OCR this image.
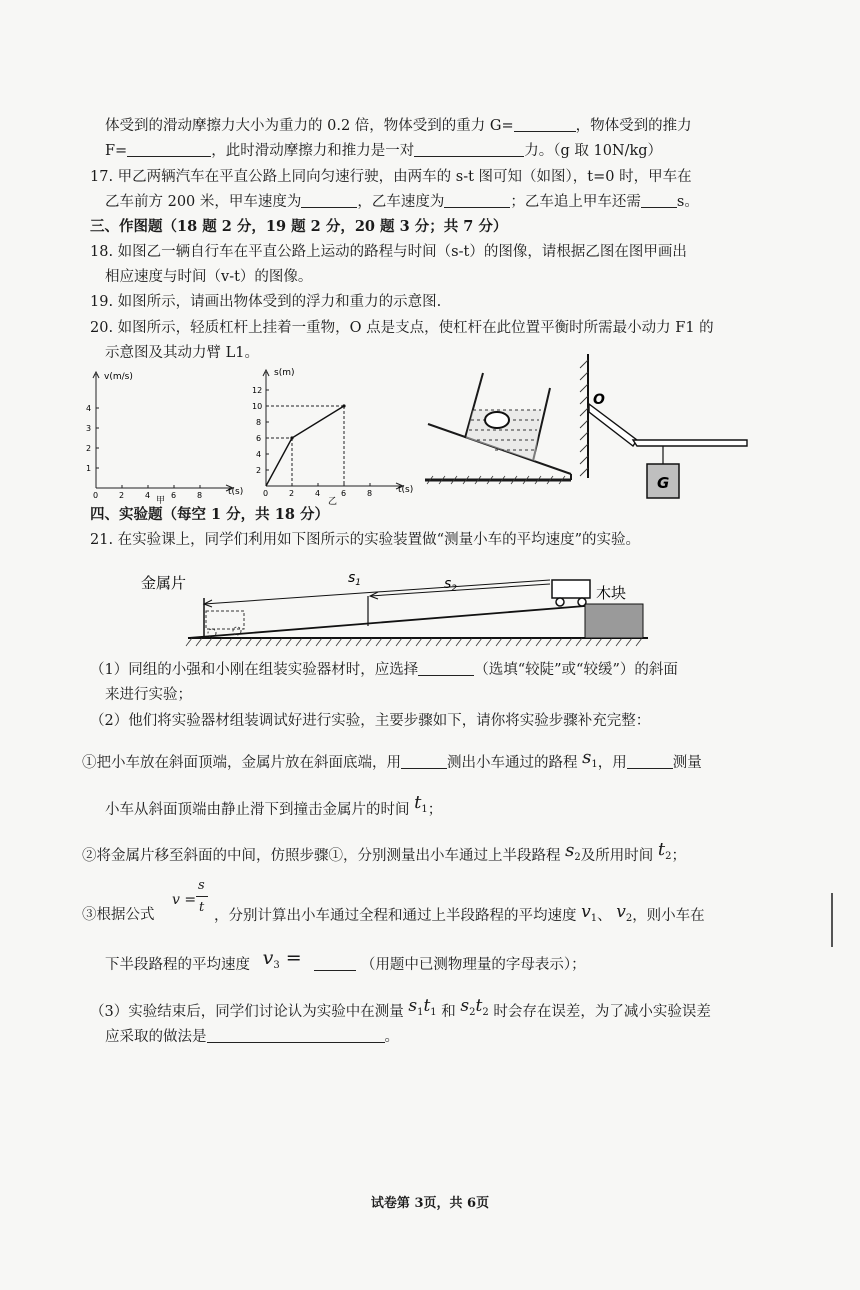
体受到的滑动摩擦力大小为重力的 0.2 倍，物体受到的重力 G=	，物体受到的推力
F=	，此时滑动摩擦力和推力是一对	力。（g 取 10N/kg）
17. 甲乙两辆汽车在平直公路上同向匀速行驶，由两车的 s-t 图可知（如图），t=0 时，甲车在
乙车前方 200 米，甲车速度为	，乙车速度为	；乙车追上甲车还需 s。
三、作图题（18 题 2 分，19 题 2 分，20 题 3 分；共 7 分）
18. 如图乙一辆自行车在平直公路上运动的路程与时间（s-t）的图像，请根据乙图在图甲画出
相应速度与时间（v-t）的图像。
19. 如图所示，请画出物体受到的浮力和重力的示意图.
20. 如图所示，轻质杠杆上挂着一重物，O 点是支点，使杠杆在此位置平衡时所需最小动力 F1 的
示意图及其动力臂 L1。
0	2	4	6	8
1
2
3
4
v(m/s)
t(s)
甲
0	2	4	6	8
2
4
6
8
10
12
s(m)
t(s)
乙
G
O
四、实验题（每空 1 分，共 18 分）
21. 在实验课上，同学们利用如下图所示的实验装置做“测量小车的平均速度”的实验。
金属片
木块
$s_1$	$s_2$
（1）同组的小强和小刚在组装实验器材时，应选择	（选填“较陡”或“较缓”）的斜面
来进行实验；
（2）他们将实验器材组装调试好进行实验，主要步骤如下，请你将实验步骤补充完整：
①把小车放在斜面顶端，金属片放在斜面底端，用	测出小车通过的路程 $s_1$，用	测量
小车从斜面顶端由静止滑下到撞击金属片的时间 $t_1$；
②将金属片移至斜面的中间，仿照步骤①，分别测量出小车通过上半段路程 $s_2$及所用时间 $t_2$；
③根据公式
v =
s
t
，分别计算出小车通过全程和通过上半段路程的平均速度 $v_1$、 $v_2$，则小车在
下半段路程的平均速度 $v_3$ =	（用题中已测物理量的字母表示）；
（3）实验结束后，同学们讨论认为实验中在测量 $s_1t_1$ 和 $s_2t_2$ 时会存在误差，为了减小实验误差
应采取的做法是	。
试卷第 3页，共 6页
